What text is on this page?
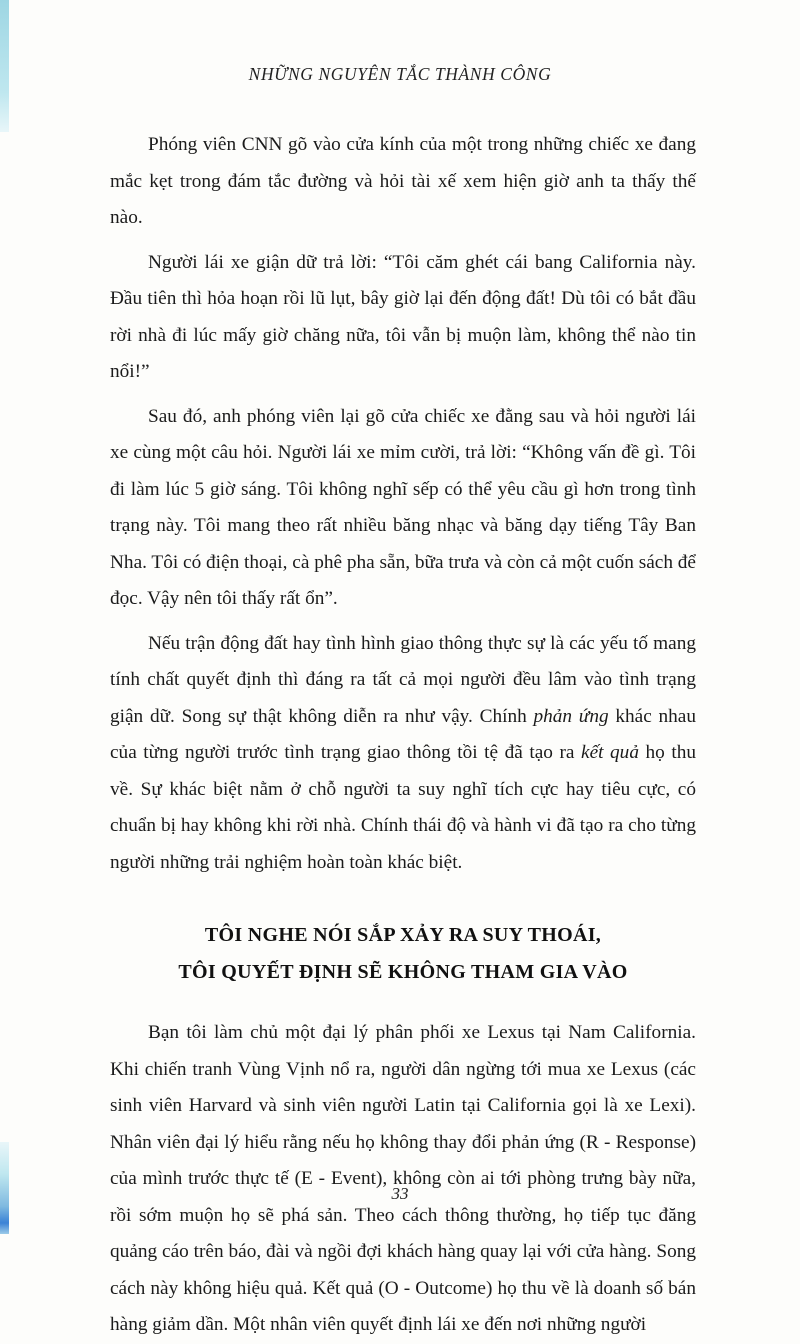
NHỮNG NGUYÊN TẮC THÀNH CÔNG

Phóng viên CNN gõ vào cửa kính của một trong những chiếc xe đang mắc kẹt trong đám tắc đường và hỏi tài xế xem hiện giờ anh ta thấy thế nào.

Người lái xe giận dữ trả lời: “Tôi căm ghét cái bang California này. Đầu tiên thì hỏa hoạn rồi lũ lụt, bây giờ lại đến động đất! Dù tôi có bắt đầu rời nhà đi lúc mấy giờ chăng nữa, tôi vẫn bị muộn làm, không thể nào tin nổi!”

Sau đó, anh phóng viên lại gõ cửa chiếc xe đằng sau và hỏi người lái xe cùng một câu hỏi. Người lái xe mỉm cười, trả lời: “Không vấn đề gì. Tôi đi làm lúc 5 giờ sáng. Tôi không nghĩ sếp có thể yêu cầu gì hơn trong tình trạng này. Tôi mang theo rất nhiều băng nhạc và băng dạy tiếng Tây Ban Nha. Tôi có điện thoại, cà phê pha sẵn, bữa trưa và còn cả một cuốn sách để đọc. Vậy nên tôi thấy rất ổn”.

Nếu trận động đất hay tình hình giao thông thực sự là các yếu tố mang tính chất quyết định thì đáng ra tất cả mọi người đều lâm vào tình trạng giận dữ. Song sự thật không diễn ra như vậy. Chính phản ứng khác nhau của từng người trước tình trạng giao thông tồi tệ đã tạo ra kết quả họ thu về. Sự khác biệt nằm ở chỗ người ta suy nghĩ tích cực hay tiêu cực, có chuẩn bị hay không khi rời nhà. Chính thái độ và hành vi đã tạo ra cho từng người những trải nghiệm hoàn toàn khác biệt.

TÔI NGHE NÓI SẮP XẢY RA SUY THOÁI,
TÔI QUYẾT ĐỊNH SẼ KHÔNG THAM GIA VÀO

Bạn tôi làm chủ một đại lý phân phối xe Lexus tại Nam California. Khi chiến tranh Vùng Vịnh nổ ra, người dân ngừng tới mua xe Lexus (các sinh viên Harvard và sinh viên người Latin tại California gọi là xe Lexi). Nhân viên đại lý hiểu rằng nếu họ không thay đổi phản ứng (R - Response) của mình trước thực tế (E - Event), không còn ai tới phòng trưng bày nữa, rồi sớm muộn họ sẽ phá sản. Theo cách thông thường, họ tiếp tục đăng quảng cáo trên báo, đài và ngồi đợi khách hàng quay lại với cửa hàng. Song cách này không hiệu quả. Kết quả (O - Outcome) họ thu về là doanh số bán hàng giảm dần. Một nhân viên quyết định lái xe đến nơi những người

33
